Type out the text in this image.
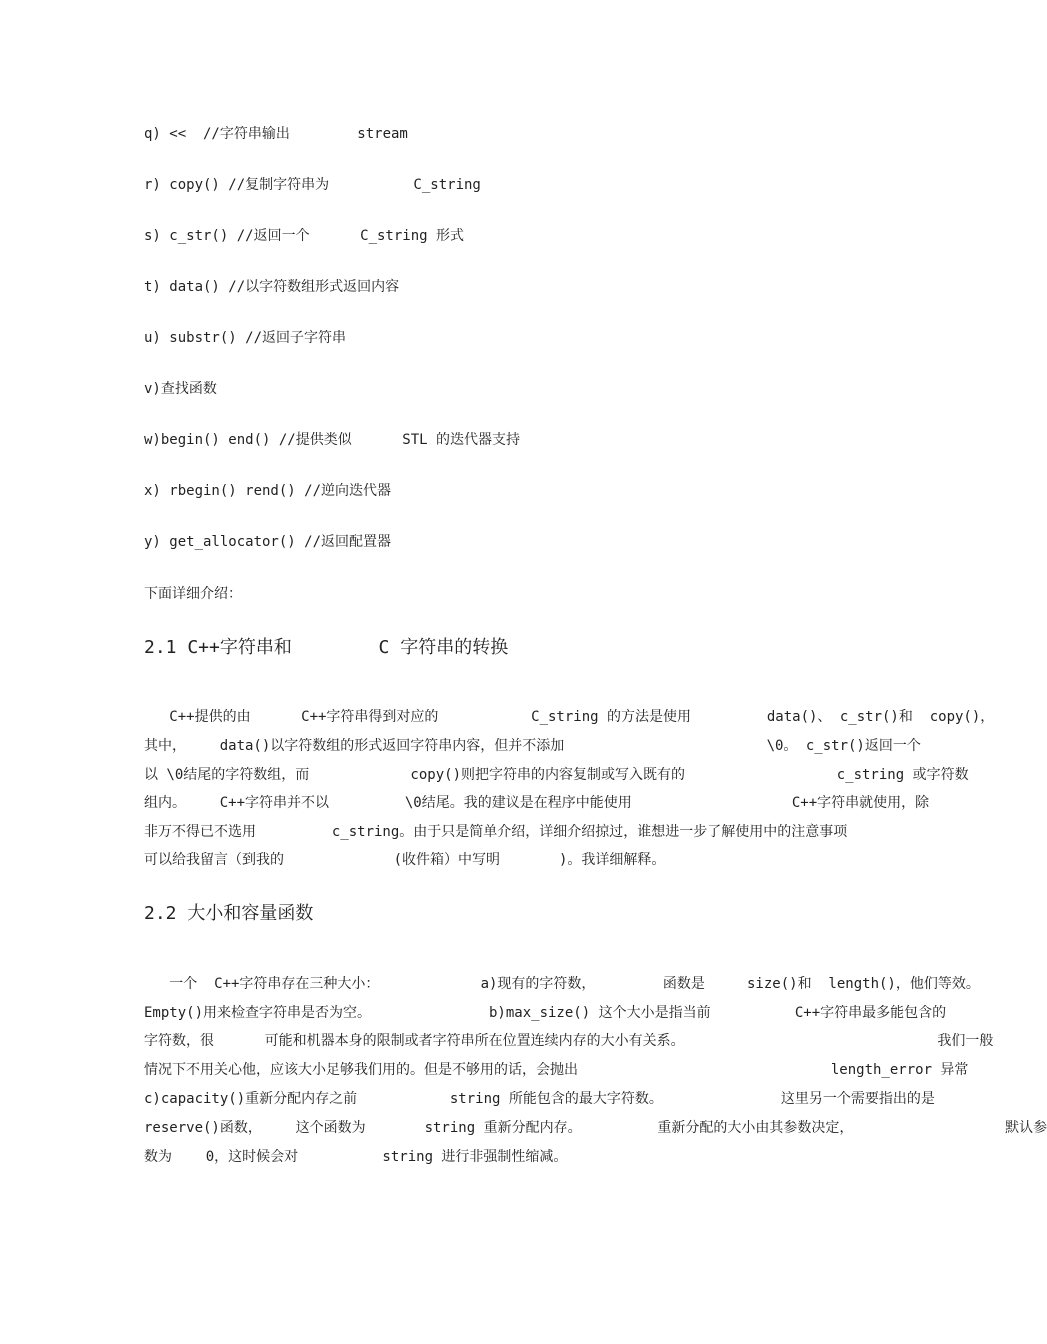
q) <<  //字符串输出        stream
r) copy() //复制字符串为          C_string
s) c_str() //返回一个      C_string 形式
t) data() //以字符数组形式返回内容
u) substr() //返回子字符串
v)查找函数
w)begin() end() //提供类似      STL 的迭代器支持
x) rbegin() rend() //逆向迭代器
y) get_allocator() //返回配置器
下面详细介绍：
2.1 C++字符串和        C 字符串的转换
C++提供的由      C++字符串得到对应的           C_string 的方法是使用         data()、 c_str()和  copy()，
其中，    data()以字符数组的形式返回字符串内容，但并不添加                        \0。 c_str()返回一个
以 \0结尾的字符数组，而            copy()则把字符串的内容复制或写入既有的                  c_string 或字符数
组内。    C++字符串并不以         \0结尾。我的建议是在程序中能使用                   C++字符串就使用，除
非万不得已不选用         c_string。由于只是简单介绍，详细介绍掠过，谁想进一步了解使用中的注意事项
可以给我留言（到我的             (收件箱）中写明       )。我详细解释。
2.2 大小和容量函数
一个  C++字符串存在三种大小：            a)现有的字符数，        函数是     size()和  length()，他们等效。
Empty()用来检查字符串是否为空。              b)max_size() 这个大小是指当前          C++字符串最多能包含的
字符数，很      可能和机器本身的限制或者字符串所在位置连续内存的大小有关系。                              我们一般
情况下不用关心他，应该大小足够我们用的。但是不够用的话，会抛出                              length_error 异常
c)capacity()重新分配内存之前           string 所能包含的最大字符数。              这里另一个需要指出的是
reserve()函数，    这个函数为       string 重新分配内存。         重新分配的大小由其参数决定，                  默认参
数为    0，这时候会对          string 进行非强制性缩减。
